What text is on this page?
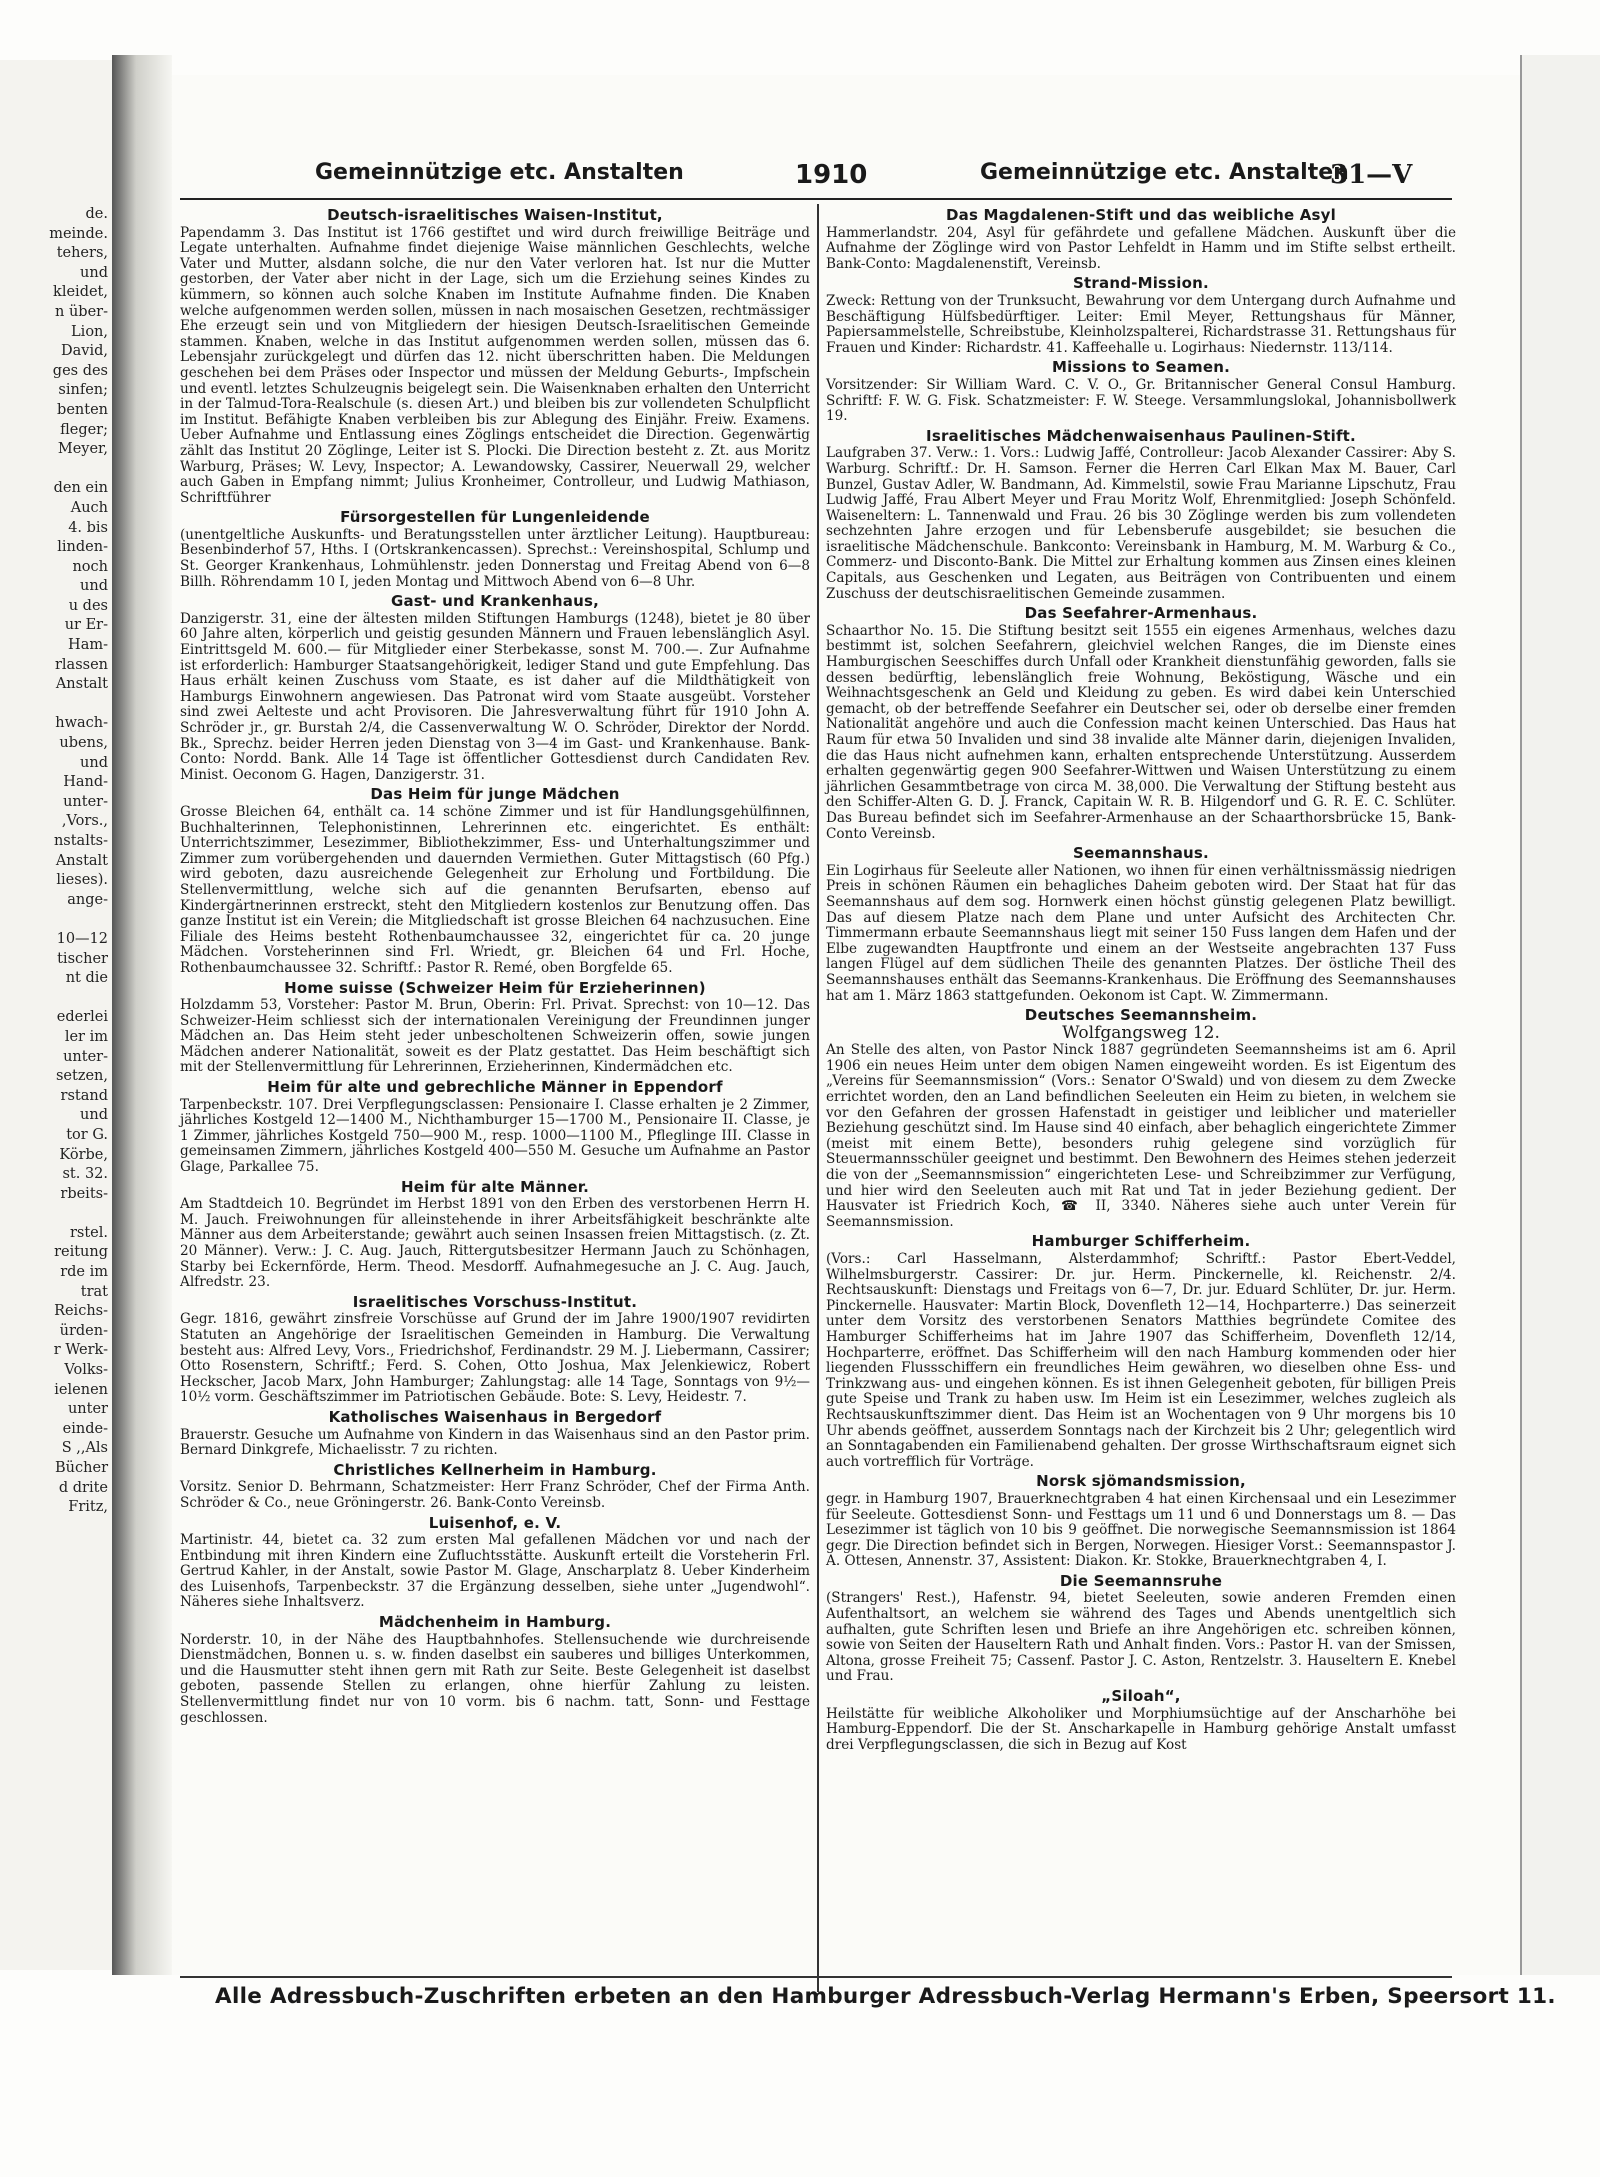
de.
meinde.
tehers,
und
kleidet,
n über-
Lion,
David,
ges des
sinfen;
benten
fleger;
Meyer,

den ein
Auch
4. bis
linden-
noch
und
u des
ur Er-
Ham-
rlassen
Anstalt

hwach-
ubens,
und
Hand-
unter-
,Vors.,
nstalts-
Anstalt
lieses).
ange-

10—12
tischer
nt die

ederlei
ler im
unter-
setzen,
rstand
und
tor G.
Körbe,
st. 32.
rbeits-

rstel.
reitung
rde im
trat
Reichs-
ürden-
r Werk-
Volks-
ielenen
unter
einde-
S ,,Als
Bücher
d drite
Fritz,
Gemeinnützige etc. Anstalten	1910	Gemeinnützige etc. Anstalten
31—V
Deutsch-israelitisches Waisen-Institut,

Papendamm 3. Das Institut ist 1766 gestiftet und wird durch freiwillige Beiträge und Legate unterhalten. Aufnahme findet diejenige Waise männlichen Geschlechts, welche Vater und Mutter, alsdann solche, die nur den Vater verloren hat. Ist nur die Mutter gestorben, der Vater aber nicht in der Lage, sich um die Erziehung seines Kindes zu kümmern, so können auch solche Knaben im Institute Aufnahme finden. Die Knaben welche aufgenommen werden sollen, müssen in nach mosaischen Gesetzen, rechtmässiger Ehe erzeugt sein und von Mitgliedern der hiesigen Deutsch-Israelitischen Gemeinde stammen. Knaben, welche in das Institut aufgenommen werden sollen, müssen das 6. Lebensjahr zurückgelegt und dürfen das 12. nicht überschritten haben. Die Meldungen geschehen bei dem Präses oder Inspector und müssen der Meldung Geburts-, Impfschein und eventl. letztes Schulzeugnis beigelegt sein. Die Waisenknaben erhalten den Unterricht in der Talmud-Tora-Realschule (s. diesen Art.) und bleiben bis zur vollendeten Schulpflicht im Institut. Befähigte Knaben verbleiben bis zur Ablegung des Einjähr. Freiw. Examens. Ueber Aufnahme und Entlassung eines Zöglings entscheidet die Direction. Gegenwärtig zählt das Institut 20 Zöglinge, Leiter ist S. Plocki. Die Direction besteht z. Zt. aus Moritz Warburg, Präses; W. Levy, Inspector; A. Lewandowsky, Cassirer, Neuerwall 29, welcher auch Gaben in Empfang nimmt; Julius Kronheimer, Controlleur, und Ludwig Mathiason, Schriftführer

Fürsorgestellen für Lungenleidende

(unentgeltliche Auskunfts- und Beratungsstellen unter ärztlicher Leitung). Hauptbureau: Besenbinderhof 57, Hths. I (Ortskrankencassen). Sprechst.: Vereinshospital, Schlump und St. Georger Krankenhaus, Lohmühlenstr. jeden Donnerstag und Freitag Abend von 6—8 Billh. Röhrendamm 10 I, jeden Montag und Mittwoch Abend von 6—8 Uhr.

Gast- und Krankenhaus,

Danzigerstr. 31, eine der ältesten milden Stiftungen Hamburgs (1248), bietet je 80 über 60 Jahre alten, körperlich und geistig gesunden Männern und Frauen lebenslänglich Asyl. Eintrittsgeld M. 600.— für Mitglieder einer Sterbekasse, sonst M. 700.—. Zur Aufnahme ist erforderlich: Hamburger Staatsangehörigkeit, lediger Stand und gute Empfehlung. Das Haus erhält keinen Zuschuss vom Staate, es ist daher auf die Mildthätigkeit von Hamburgs Einwohnern angewiesen. Das Patronat wird vom Staate ausgeübt. Vorsteher sind zwei Aelteste und acht Provisoren. Die Jahresverwaltung führt für 1910 John A. Schröder jr., gr. Burstah 2/4, die Cassenverwaltung W. O. Schröder, Direktor der Nordd. Bk., Sprechz. beider Herren jeden Dienstag von 3—4 im Gast- und Krankenhause. Bank-Conto: Nordd. Bank. Alle 14 Tage ist öffentlicher Gottesdienst durch Candidaten Rev. Minist. Oeconom G. Hagen, Danzigerstr. 31.

Das Heim für junge Mädchen

Grosse Bleichen 64, enthält ca. 14 schöne Zimmer und ist für Handlungsgehülfinnen, Buchhalterinnen, Telephonistinnen, Lehrerinnen etc. eingerichtet. Es enthält: Unterrichtszimmer, Lesezimmer, Bibliothekzimmer, Ess- und Unterhaltungszimmer und Zimmer zum vorübergehenden und dauernden Vermiethen. Guter Mittagstisch (60 Pfg.) wird geboten, dazu ausreichende Gelegenheit zur Erholung und Fortbildung. Die Stellenvermittlung, welche sich auf die genannten Berufsarten, ebenso auf Kindergärtnerinnen erstreckt, steht den Mitgliedern kostenlos zur Benutzung offen. Das ganze Institut ist ein Verein; die Mitgliedschaft ist grosse Bleichen 64 nachzusuchen. Eine Filiale des Heims besteht Rothenbaumchaussee 32, eingerichtet für ca. 20 junge Mädchen. Vorsteherinnen sind Frl. Wriedt, gr. Bleichen 64 und Frl. Hoche, Rothenbaumchaussee 32. Schriftf.: Pastor R. Remé, oben Borgfelde 65.

Home suisse (Schweizer Heim für Erzieherinnen)

Holzdamm 53, Vorsteher: Pastor M. Brun, Oberin: Frl. Privat. Sprechst: von 10—12. Das Schweizer-Heim schliesst sich der internationalen Vereinigung der Freundinnen junger Mädchen an. Das Heim steht jeder unbescholtenen Schweizerin offen, sowie jungen Mädchen anderer Nationalität, soweit es der Platz gestattet. Das Heim beschäftigt sich mit der Stellenvermittlung für Lehrerinnen, Erzieherinnen, Kindermädchen etc.

Heim für alte und gebrechliche Männer in Eppendorf

Tarpenbeckstr. 107. Drei Verpflegungsclassen: Pensionaire I. Classe erhalten je 2 Zimmer, jährliches Kostgeld 12—1400 M., Nichthamburger 15—1700 M., Pensionaire II. Classe, je 1 Zimmer, jährliches Kostgeld 750—900 M., resp. 1000—1100 M., Pfleglinge III. Classe in gemeinsamen Zimmern, jährliches Kostgeld 400—550 M. Gesuche um Aufnahme an Pastor Glage, Parkallee 75.

Heim für alte Männer.

Am Stadtdeich 10. Begründet im Herbst 1891 von den Erben des verstorbenen Herrn H. M. Jauch. Freiwohnungen für alleinstehende in ihrer Arbeitsfähigkeit beschränkte alte Männer aus dem Arbeiterstande; gewährt auch seinen Insassen freien Mittagstisch. (z. Zt. 20 Männer). Verw.: J. C. Aug. Jauch, Rittergutsbesitzer Hermann Jauch zu Schönhagen, Starby bei Eckernförde, Herm. Theod. Mesdorff. Aufnahmegesuche an J. C. Aug. Jauch, Alfredstr. 23.

Israelitisches Vorschuss-Institut.

Gegr. 1816, gewährt zinsfreie Vorschüsse auf Grund der im Jahre 1900/1907 revidirten Statuten an Angehörige der Israelitischen Gemeinden in Hamburg. Die Verwaltung besteht aus: Alfred Levy, Vors., Friedrichshof, Ferdinandstr. 29 M. J. Liebermann, Cassirer; Otto Rosenstern, Schriftf.; Ferd. S. Cohen, Otto Joshua, Max Jelenkiewicz, Robert Heckscher, Jacob Marx, John Hamburger; Zahlungstag: alle 14 Tage, Sonntags von 9½—10½ vorm. Geschäftszimmer im Patriotischen Gebäude. Bote: S. Levy, Heidestr. 7.

Katholisches Waisenhaus in Bergedorf

Brauerstr. Gesuche um Aufnahme von Kindern in das Waisenhaus sind an den Pastor prim. Bernard Dinkgrefe, Michaelisstr. 7 zu richten.

Christliches Kellnerheim in Hamburg.

Vorsitz. Senior D. Behrmann, Schatzmeister: Herr Franz Schröder, Chef der Firma Anth. Schröder & Co., neue Gröningerstr. 26. Bank-Conto Vereinsb.

Luisenhof, e. V.

Martinistr. 44, bietet ca. 32 zum ersten Mal gefallenen Mädchen vor und nach der Entbindung mit ihren Kindern eine Zufluchtsstätte. Auskunft erteilt die Vorsteherin Frl. Gertrud Kahler, in der Anstalt, sowie Pastor M. Glage, Anscharplatz 8. Ueber Kinderheim des Luisenhofs, Tarpenbeckstr. 37 die Ergänzung desselben, siehe unter „Jugendwohl“. Näheres siehe Inhaltsverz.

Mädchenheim in Hamburg.

Norderstr. 10, in der Nähe des Hauptbahnhofes. Stellensuchende wie durchreisende Dienstmädchen, Bonnen u. s. w. finden daselbst ein sauberes und billiges Unterkommen, und die Hausmutter steht ihnen gern mit Rath zur Seite. Beste Gelegenheit ist daselbst geboten, passende Stellen zu erlangen, ohne hierfür Zahlung zu leisten. Stellenvermittlung findet nur von 10 vorm. bis 6 nachm. tatt, Sonn- und Festtage geschlossen.

Das Magdalenen-Stift und das weibliche Asyl

Hammerlandstr. 204, Asyl für gefährdete und gefallene Mädchen. Auskunft über die Aufnahme der Zöglinge wird von Pastor Lehfeldt in Hamm und im Stifte selbst ertheilt. Bank-Conto: Magdalenenstift, Vereinsb.

Strand-Mission.

Zweck: Rettung von der Trunksucht, Bewahrung vor dem Untergang durch Aufnahme und Beschäftigung Hülfsbedürftiger. Leiter: Emil Meyer, Rettungshaus für Männer, Papiersammelstelle, Schreibstube, Kleinholzspalterei, Richardstrasse 31. Rettungshaus für Frauen und Kinder: Richardstr. 41. Kaffeehalle u. Logirhaus: Niedernstr. 113/114.

Missions to Seamen.

Vorsitzender: Sir William Ward. C. V. O., Gr. Britannischer General Consul Hamburg. Schriftf: F. W. G. Fisk. Schatzmeister: F. W. Steege. Versammlungslokal, Johannisbollwerk 19.

Israelitisches Mädchenwaisenhaus Paulinen-Stift.

Laufgraben 37. Verw.: 1. Vors.: Ludwig Jaffé, Controlleur: Jacob Alexander Cassirer: Aby S. Warburg. Schriftf.: Dr. H. Samson. Ferner die Herren Carl Elkan Max M. Bauer, Carl Bunzel, Gustav Adler, W. Bandmann, Ad. Kimmelstil, sowie Frau Marianne Lipschutz, Frau Ludwig Jaffé, Frau Albert Meyer und Frau Moritz Wolf, Ehrenmitglied: Joseph Schönfeld. Waiseneltern: L. Tannenwald und Frau. 26 bis 30 Zöglinge werden bis zum vollendeten sechzehnten Jahre erzogen und für Lebensberufe ausgebildet; sie besuchen die israelitische Mädchenschule. Bankconto: Vereinsbank in Hamburg, M. M. Warburg & Co., Commerz- und Disconto-Bank. Die Mittel zur Erhaltung kommen aus Zinsen eines kleinen Capitals, aus Geschenken und Legaten, aus Beiträgen von Contribuenten und einem Zuschuss der deutschisraelitischen Gemeinde zusammen.

Das Seefahrer-Armenhaus.

Schaarthor No. 15. Die Stiftung besitzt seit 1555 ein eigenes Armenhaus, welches dazu bestimmt ist, solchen Seefahrern, gleichviel welchen Ranges, die im Dienste eines Hamburgischen Seeschiffes durch Unfall oder Krankheit dienstunfähig geworden, falls sie dessen bedürftig, lebenslänglich freie Wohnung, Beköstigung, Wäsche und ein Weihnachtsgeschenk an Geld und Kleidung zu geben. Es wird dabei kein Unterschied gemacht, ob der betreffende Seefahrer ein Deutscher sei, oder ob derselbe einer fremden Nationalität angehöre und auch die Confession macht keinen Unterschied. Das Haus hat Raum für etwa 50 Invaliden und sind 38 invalide alte Männer darin, diejenigen Invaliden, die das Haus nicht aufnehmen kann, erhalten entsprechende Unterstützung. Ausserdem erhalten gegenwärtig gegen 900 Seefahrer-Wittwen und Waisen Unterstützung zu einem jährlichen Gesammtbetrage von circa M. 38,000. Die Verwaltung der Stiftung besteht aus den Schiffer-Alten G. D. J. Franck, Capitain W. R. B. Hilgendorf und G. R. E. C. Schlüter. Das Bureau befindet sich im Seefahrer-Armenhause an der Schaarthorsbrücke 15, Bank-Conto Vereinsb.

Seemannshaus.

Ein Logirhaus für Seeleute aller Nationen, wo ihnen für einen verhältnissmässig niedrigen Preis in schönen Räumen ein behagliches Daheim geboten wird. Der Staat hat für das Seemannshaus auf dem sog. Hornwerk einen höchst günstig gelegenen Platz bewilligt. Das auf diesem Platze nach dem Plane und unter Aufsicht des Architecten Chr. Timmermann erbaute Seemannshaus liegt mit seiner 150 Fuss langen dem Hafen und der Elbe zugewandten Hauptfronte und einem an der Westseite angebrachten 137 Fuss langen Flügel auf dem südlichen Theile des genannten Platzes. Der östliche Theil des Seemannshauses enthält das Seemanns-Krankenhaus. Die Eröffnung des Seemannshauses hat am 1. März 1863 stattgefunden. Oekonom ist Capt. W. Zimmermann.

Deutsches Seemannsheim.
Wolfgangsweg 12.

An Stelle des alten, von Pastor Ninck 1887 gegründeten Seemannsheims ist am 6. April 1906 ein neues Heim unter dem obigen Namen eingeweiht worden. Es ist Eigentum des „Vereins für Seemannsmission“ (Vors.: Senator O'Swald) und von diesem zu dem Zwecke errichtet worden, den an Land befindlichen Seeleuten ein Heim zu bieten, in welchem sie vor den Gefahren der grossen Hafenstadt in geistiger und leiblicher und materieller Beziehung geschützt sind. Im Hause sind 40 einfach, aber behaglich eingerichtete Zimmer (meist mit einem Bette), besonders ruhig gelegene sind vorzüglich für Steuermannsschüler geeignet und bestimmt. Den Bewohnern des Heimes stehen jederzeit die von der „Seemannsmission“ eingerichteten Lese- und Schreibzimmer zur Verfügung, und hier wird den Seeleuten auch mit Rat und Tat in jeder Beziehung gedient. Der Hausvater ist Friedrich Koch, ☎ II, 3340. Näheres siehe auch unter Verein für Seemannsmission.

Hamburger Schifferheim.

(Vors.: Carl Hasselmann, Alsterdammhof; Schriftf.: Pastor Ebert-Veddel, Wilhelmsburgerstr. Cassirer: Dr. jur. Herm. Pinckernelle, kl. Reichenstr. 2/4. Rechtsauskunft: Dienstags und Freitags von 6—7, Dr. jur. Eduard Schlüter, Dr. jur. Herm. Pinckernelle. Hausvater: Martin Block, Dovenfleth 12—14, Hochparterre.) Das seinerzeit unter dem Vorsitz des verstorbenen Senators Matthies begründete Comitee des Hamburger Schifferheims hat im Jahre 1907 das Schifferheim, Dovenfleth 12/14, Hochparterre, eröffnet. Das Schifferheim will den nach Hamburg kommenden oder hier liegenden Flussschiffern ein freundliches Heim gewähren, wo dieselben ohne Ess- und Trinkzwang aus- und eingehen können. Es ist ihnen Gelegenheit geboten, für billigen Preis gute Speise und Trank zu haben usw. Im Heim ist ein Lesezimmer, welches zugleich als Rechtsauskunftszimmer dient. Das Heim ist an Wochentagen von 9 Uhr morgens bis 10 Uhr abends geöffnet, ausserdem Sonntags nach der Kirchzeit bis 2 Uhr; gelegentlich wird an Sonntagabenden ein Familienabend gehalten. Der grosse Wirthschaftsraum eignet sich auch vortrefflich für Vorträge.

Norsk sjömandsmission,

gegr. in Hamburg 1907, Brauerknechtgraben 4 hat einen Kirchensaal und ein Lesezimmer für Seeleute. Gottesdienst Sonn- und Festtags um 11 und 6 und Donnerstags um 8. — Das Lesezimmer ist täglich von 10 bis 9 geöffnet. Die norwegische Seemannsmission ist 1864 gegr. Die Direction befindet sich in Bergen, Norwegen. Hiesiger Vorst.: Seemannspastor J. A. Ottesen, Annenstr. 37, Assistent: Diakon. Kr. Stokke, Brauerknechtgraben 4, I.

Die Seemannsruhe

(Strangers' Rest.), Hafenstr. 94, bietet Seeleuten, sowie anderen Fremden einen Aufenthaltsort, an welchem sie während des Tages und Abends unentgeltlich sich aufhalten, gute Schriften lesen und Briefe an ihre Angehörigen etc. schreiben können, sowie von Seiten der Hauseltern Rath und Anhalt finden. Vors.: Pastor H. van der Smissen, Altona, grosse Freiheit 75; Cassenf. Pastor J. C. Aston, Rentzelstr. 3. Hauseltern E. Knebel und Frau.

„Siloah“,

Heilstätte für weibliche Alkoholiker und Morphiumsüchtige auf der Anscharhöhe bei Hamburg-Eppendorf. Die der St. Anscharkapelle in Hamburg gehörige Anstalt umfasst drei Verpflegungsclassen, die sich in Bezug auf Kost

Alle Adressbuch-Zuschriften erbeten an den Hamburger Adressbuch-Verlag Hermann's Erben, Speersort 11.
